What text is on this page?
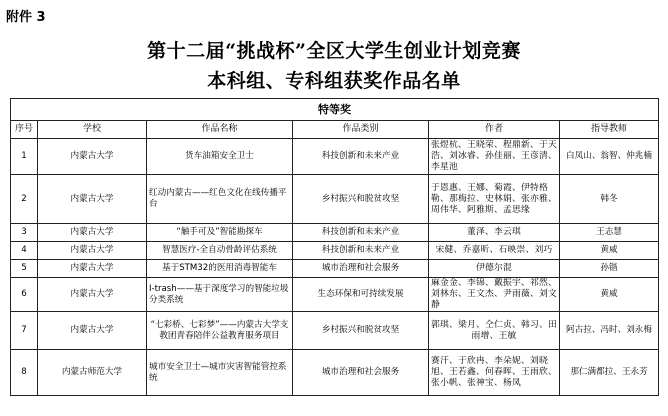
附件 3
第十二届“挑战杯”全区大学生创业计划竞赛
本科组、专科组获奖作品名单
特等奖					
序号	学校	作品名称	作品类别	作者	指导教师
1	内蒙古大学	货车油箱安全卫士	科技创新和未来产业	张煜杭、王晓荣、程鼎新、于天浩、刘冰睿、孙佳丽、王彦清、李星池	白凤山、翁智、仲兆楠
2	内蒙古大学	红动内蒙古——红色文化在线传播平台	乡村振兴和脱贫攻坚	于恩惠、王娜、菊霞、伊特格勒、那梅拉、史林娟、张亦雅、周伟华、阿雅斯、孟思缘	韩冬
3	内蒙古大学	“触手可及”智能勘探车	科技创新和未来产业	董泽、李云琪	王志慧
4	内蒙古大学	智慧医疗-全自动骨龄评估系统	科技创新和未来产业	宋健、乔嘉昕、石映崇、刘巧	黄威
5	内蒙古大学	基于STM32的医用消毒智能车	城市治理和社会服务	伊德尔混	孙锴
6	内蒙古大学	I-trash——基于深度学习的智能垃圾分类系统	生态环保和可持续发展	麻金金、李锦、戴振宇、祁然、刘林东、王文杰、尹雨薇、刘文静	黄威
7	内蒙古大学	“七彩桥、七彩梦”——内蒙古大学支教团青春陪伴公益教育服务项目	乡村振兴和脱贫攻坚	郭琪、梁月、仝仁贞、韩习、田雨增、王敏	阿古拉、冯时、刘永梅
8	内蒙古师范大学	城市安全卫士—城市灾害智能管控系统	城市治理和社会服务	赛汗、于欣冉、李朵妮、刘晓旭、王若鑫、何春晖、王雨欣、张小帆、张神宝、杨凤	那仁满都拉、王永芳
